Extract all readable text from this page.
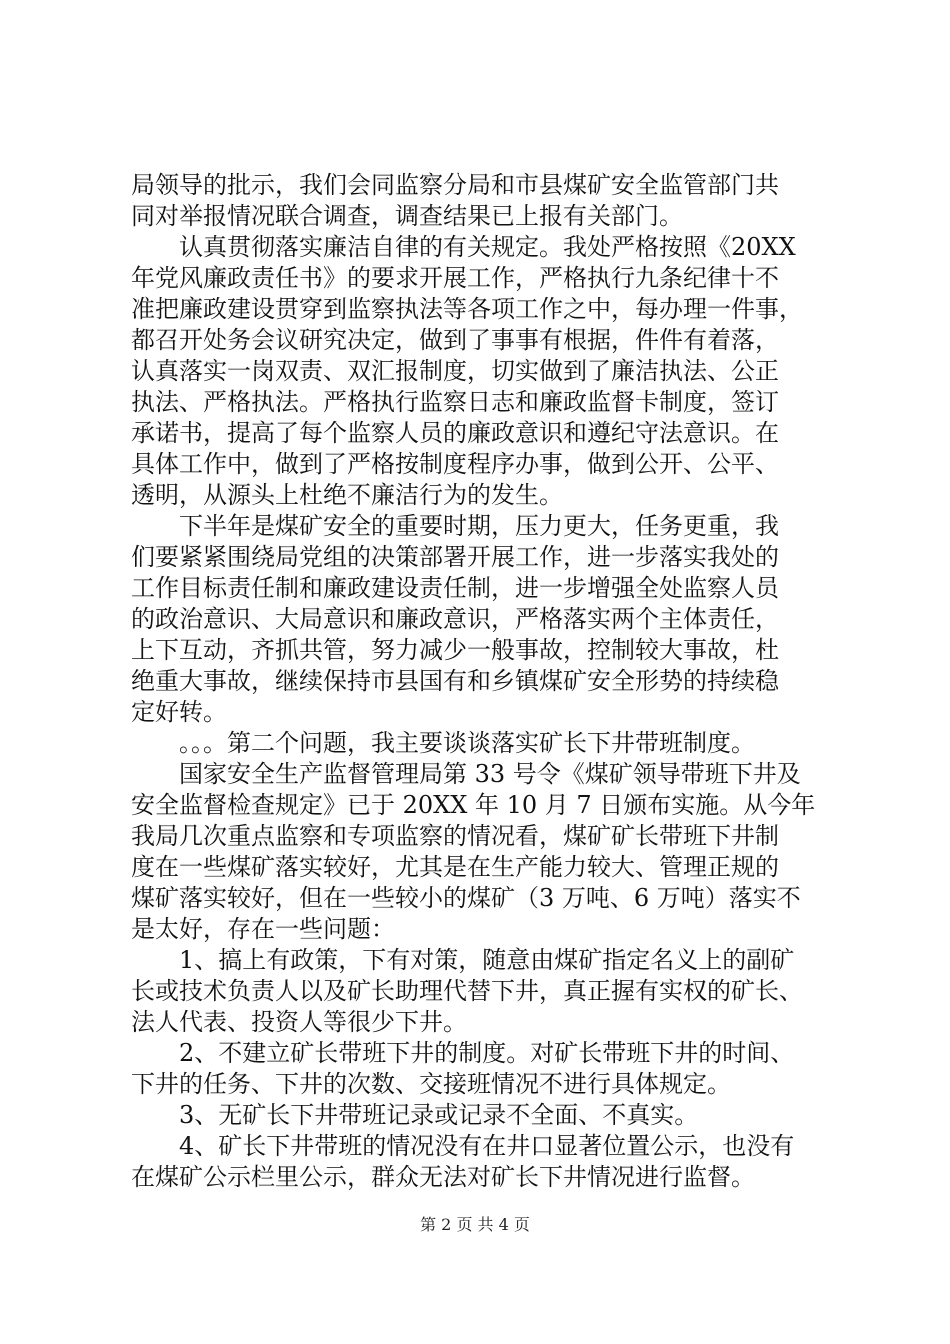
局领导的批示，我们会同监察分局和市县煤矿安全监管部门共
同对举报情况联合调查，调查结果已上报有关部门。
认真贯彻落实廉洁自律的有关规定。我处严格按照《20XX
年党风廉政责任书》的要求开展工作，严格执行九条纪律十不
准把廉政建设贯穿到监察执法等各项工作之中，每办理一件事，
都召开处务会议研究决定，做到了事事有根据，件件有着落，
认真落实一岗双责、双汇报制度，切实做到了廉洁执法、公正
执法、严格执法。严格执行监察日志和廉政监督卡制度，签订
承诺书，提高了每个监察人员的廉政意识和遵纪守法意识。在
具体工作中，做到了严格按制度程序办事，做到公开、公平、
透明，从源头上杜绝不廉洁行为的发生。
下半年是煤矿安全的重要时期，压力更大，任务更重，我
们要紧紧围绕局党组的决策部署开展工作，进一步落实我处的
工作目标责任制和廉政建设责任制，进一步增强全处监察人员
的政治意识、大局意识和廉政意识，严格落实两个主体责任，
上下互动，齐抓共管，努力减少一般事故，控制较大事故，杜
绝重大事故，继续保持市县国有和乡镇煤矿安全形势的持续稳
定好转。
。。。第二个问题，我主要谈谈落实矿长下井带班制度。
国家安全生产监督管理局第 33 号令《煤矿领导带班下井及
安全监督检查规定》已于 20XX 年 10 月 7 日颁布实施。从今年
我局几次重点监察和专项监察的情况看，煤矿矿长带班下井制
度在一些煤矿落实较好，尤其是在生产能力较大、管理正规的
煤矿落实较好，但在一些较小的煤矿（3 万吨、6 万吨）落实不
是太好，存在一些问题：
1、搞上有政策，下有对策，随意由煤矿指定名义上的副矿
长或技术负责人以及矿长助理代替下井，真正握有实权的矿长、
法人代表、投资人等很少下井。
2、不建立矿长带班下井的制度。对矿长带班下井的时间、
下井的任务、下井的次数、交接班情况不进行具体规定。
第 2 页 共 4 页
3、无矿长下井带班记录或记录不全面、不真实。
4、矿长下井带班的情况没有在井口显著位置公示，也没有
在煤矿公示栏里公示，群众无法对矿长下井情况进行监督。
